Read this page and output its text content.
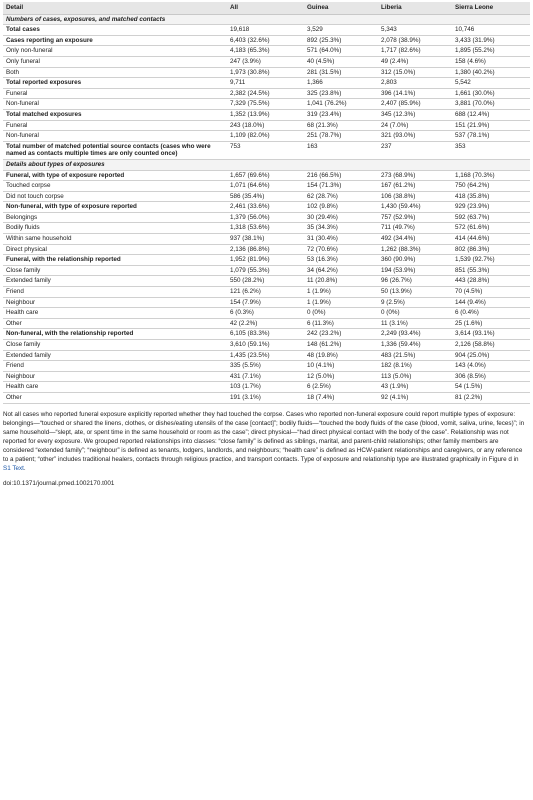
Detail	All	Guinea	Liberia	Sierra Leone
Numbers of cases, exposures, and matched contacts				
Total cases	19,618	3,529	5,343	10,746
Cases reporting an exposure	6,403 (32.6%)	892 (25.3%)	2,078 (38.9%)	3,433 (31.9%)
Only non-funeral	4,183 (65.3%)	571 (64.0%)	1,717 (82.6%)	1,895 (55.2%)
Only funeral	247 (3.9%)	40 (4.5%)	49 (2.4%)	158 (4.6%)
Both	1,973 (30.8%)	281 (31.5%)	312 (15.0%)	1,380 (40.2%)
Total reported exposures	9,711	1,366	2,803	5,542
Funeral	2,382 (24.5%)	325 (23.8%)	396 (14.1%)	1,661 (30.0%)
Non-funeral	7,329 (75.5%)	1,041 (76.2%)	2,407 (85.9%)	3,881 (70.0%)
Total matched exposures	1,352 (13.9%)	319 (23.4%)	345 (12.3%)	688 (12.4%)
Funeral	243 (18.0%)	68 (21.3%)	24 (7.0%)	151 (21.9%)
Non-funeral	1,109 (82.0%)	251 (78.7%)	321 (93.0%)	537 (78.1%)
Total number of matched potential source contacts (cases who were named as contacts multiple times are only counted once)	753	163	237	353
Details about types of exposures				
Funeral, with type of exposure reported	1,657 (69.6%)	216 (66.5%)	273 (68.9%)	1,168 (70.3%)
Touched corpse	1,071 (64.6%)	154 (71.3%)	167 (61.2%)	750 (64.2%)
Did not touch corpse	586 (35.4%)	62 (28.7%)	106 (38.8%)	418 (35.8%)
Non-funeral, with type of exposure reported	2,461 (33.6%)	102 (9.8%)	1,430 (59.4%)	929 (23.9%)
Belongings	1,379 (56.0%)	30 (29.4%)	757 (52.9%)	592 (63.7%)
Bodily fluids	1,318 (53.6%)	35 (34.3%)	711 (49.7%)	572 (61.6%)
Within same household	937 (38.1%)	31 (30.4%)	492 (34.4%)	414 (44.6%)
Direct physical	2,136 (86.8%)	72 (70.6%)	1,262 (88.3%)	802 (86.3%)
Funeral, with the relationship reported	1,952 (81.9%)	53 (16.3%)	360 (90.9%)	1,539 (92.7%)
Close family	1,079 (55.3%)	34 (64.2%)	194 (53.9%)	851 (55.3%)
Extended family	550 (28.2%)	11 (20.8%)	96 (26.7%)	443 (28.8%)
Friend	121 (6.2%)	1 (1.9%)	50 (13.9%)	70 (4.5%)
Neighbour	154 (7.9%)	1 (1.9%)	9 (2.5%)	144 (9.4%)
Health care	6 (0.3%)	0 (0%)	0 (0%)	6 (0.4%)
Other	42 (2.2%)	6 (11.3%)	11 (3.1%)	25 (1.6%)
Non-funeral, with the relationship reported	6,105 (83.3%)	242 (23.2%)	2,249 (93.4%)	3,614 (93.1%)
Close family	3,610 (59.1%)	148 (61.2%)	1,336 (59.4%)	2,126 (58.8%)
Extended family	1,435 (23.5%)	48 (19.8%)	483 (21.5%)	904 (25.0%)
Friend	335 (5.5%)	10 (4.1%)	182 (8.1%)	143 (4.0%)
Neighbour	431 (7.1%)	12 (5.0%)	113 (5.0%)	306 (8.5%)
Health care	103 (1.7%)	6 (2.5%)	43 (1.9%)	54 (1.5%)
Other	191 (3.1%)	18 (7.4%)	92 (4.1%)	81 (2.2%)
Not all cases who reported funeral exposure explicitly reported whether they had touched the corpse. Cases who reported non-funeral exposure could report multiple types of exposure: belongings—“touched or shared the linens, clothes, or dishes/eating utensils of the case [contact]”; bodily fluids—“touched the body fluids of the case (blood, vomit, saliva, urine, feces)”; in same household—“slept, ate, or spent time in the same household or room as the case”; direct physical—“had direct physical contact with the body of the case”. Relationship was not reported for every exposure. We grouped reported relationships into classes: “close family” is defined as siblings, marital, and parent-child relationships; other family members are considered “extended family”; “neighbour” is defined as tenants, lodgers, landlords, and neighbours; “health care” is defined as HCW-patient relationships and caregivers, or any reference to a patient; “other” includes traditional healers, contacts through religious practice, and transport contacts. Type of exposure and relationship type are illustrated graphically in Figure d in S1 Text.
doi:10.1371/journal.pmed.1002170.t001
